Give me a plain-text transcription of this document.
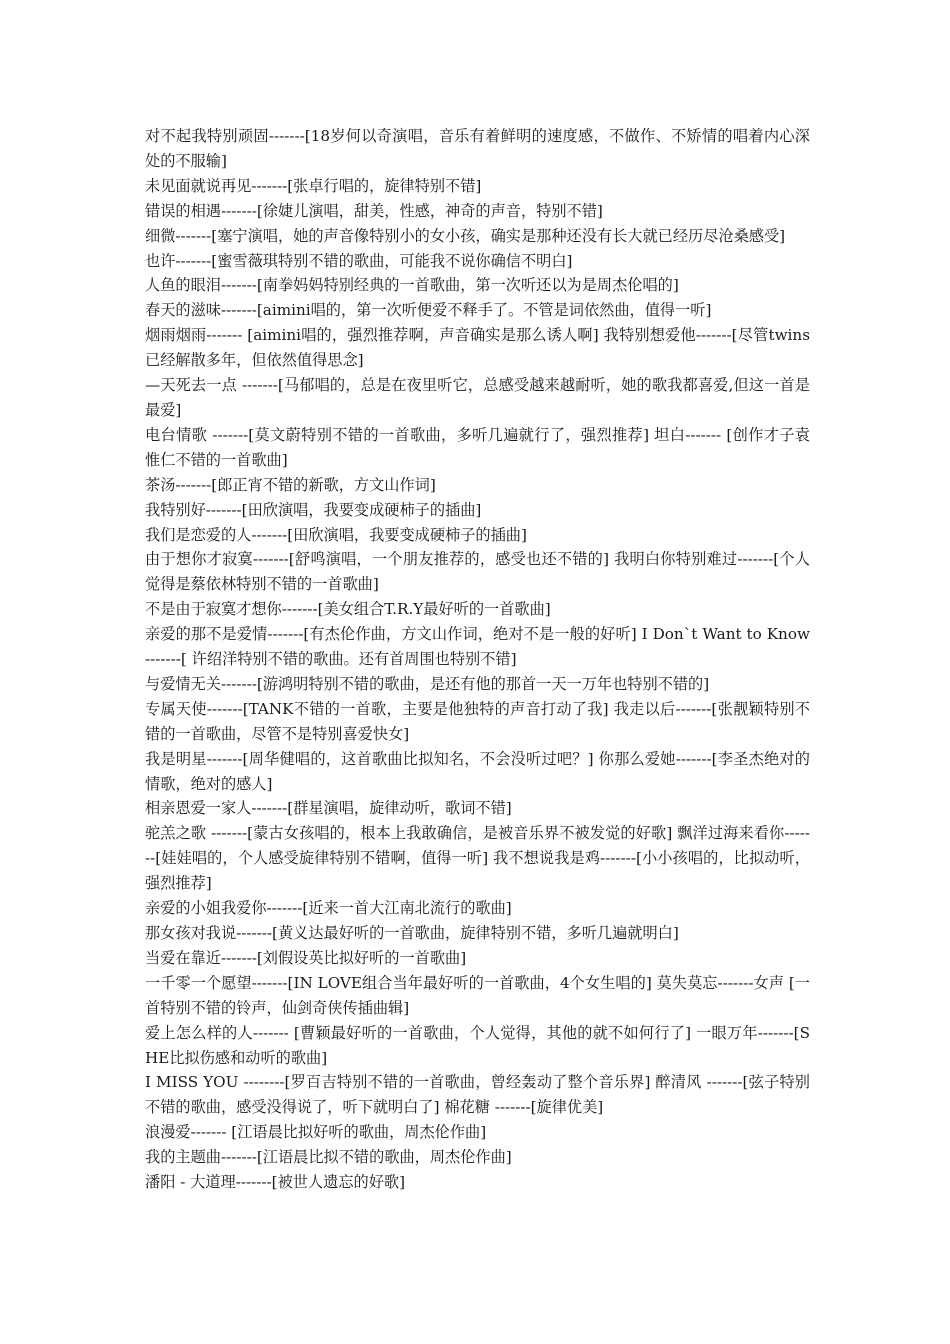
对不起我特别顽固-------[18岁何以奇演唱，音乐有着鲜明的速度感，不做作、不矫情的唱着内心深处的不服输]

未见面就说再见-------[张卓行唱的，旋律特别不错]

错误的相遇-------[徐婕儿演唱，甜美，性感，神奇的声音，特别不错]

细微-------[塞宁演唱，她的声音像特别小的女小孩，确实是那种还没有长大就已经历尽沧桑感受]

也许-------[蜜雪薇琪特别不错的歌曲，可能我不说你确信不明白]

人鱼的眼泪-------[南拳妈妈特别经典的一首歌曲，第一次听还以为是周杰伦唱的]

春天的滋味-------[aimini唱的，第一次听便爱不释手了。不管是词依然曲，值得一听]

烟雨烟雨------- [aimini唱的，强烈推荐啊，声音确实是那么诱人啊] 我特别想爱他-------[尽管twins已经解散多年，但依然值得思念]

—天死去一点 -------[马郁唱的，总是在夜里听它，总感受越来越耐听，她的歌我都喜爱,但这一首是最爱]

电台情歌 -------[莫文蔚特别不错的一首歌曲，多听几遍就行了，强烈推荐] 坦白------- [创作才子袁惟仁不错的一首歌曲]

茶汤-------[郎正宵不错的新歌，方文山作词]

我特别好-------[田欣演唱，我要变成硬柿子的插曲]

我们是恋爱的人-------[田欣演唱，我要变成硬柿子的插曲]

由于想你才寂寞-------[舒鸣演唱，一个朋友推荐的，感受也还不错的] 我明白你特别难过-------[个人觉得是蔡依林特别不错的一首歌曲]

不是由于寂寞才想你-------[美女组合T.R.Y最好听的一首歌曲]

亲爱的那不是爱情-------[有杰伦作曲，方文山作词，绝对不是一般的好听] I Don`t Want to Know-------[ 许绍洋特别不错的歌曲。还有首周围也特别不错]

与爱情无关-------[游鸿明特别不错的歌曲，是还有他的那首一天一万年也特别不错的]

专属天使-------[TANK不错的一首歌，主要是他独特的声音打动了我] 我走以后-------[张靓颖特别不错的一首歌曲，尽管不是特别喜爱快女]

我是明星-------[周华健唱的，这首歌曲比拟知名，不会没听过吧？] 你那么爱她-------[李圣杰绝对的情歌，绝对的感人]

相亲恩爱一家人-------[群星演唱，旋律动听，歌词不错]

驼羔之歌 -------[蒙古女孩唱的，根本上我敢确信，是被音乐界不被发觉的好歌] 飘洋过海来看你-------[娃娃唱的，个人感受旋律特别不错啊，值得一听] 我不想说我是鸡-------[小小孩唱的，比拟动听，强烈推荐]

亲爱的小姐我爱你-------[近来一首大江南北流行的歌曲]

那女孩对我说-------[黄义达最好听的一首歌曲，旋律特别不错，多听几遍就明白]

当爱在靠近-------[刘假设英比拟好听的一首歌曲]

一千零一个愿望-------[IN LOVE组合当年最好听的一首歌曲，4个女生唱的] 莫失莫忘-------女声 [一首特别不错的铃声，仙剑奇侠传插曲辑]

爱上怎么样的人------- [曹颖最好听的一首歌曲，个人觉得，其他的就不如何行了] 一眼万年-------[SHE比拟伤感和动听的歌曲]

I MISS YOU --------[罗百吉特别不错的一首歌曲，曾经轰动了整个音乐界] 醉清风 -------[弦子特别不错的歌曲，感受没得说了，听下就明白了] 棉花糖 -------[旋律优美]

浪漫爱------- [江语晨比拟好听的歌曲，周杰伦作曲]

我的主题曲-------[江语晨比拟不错的歌曲，周杰伦作曲]

潘阳 - 大道理-------[被世人遗忘的好歌]
